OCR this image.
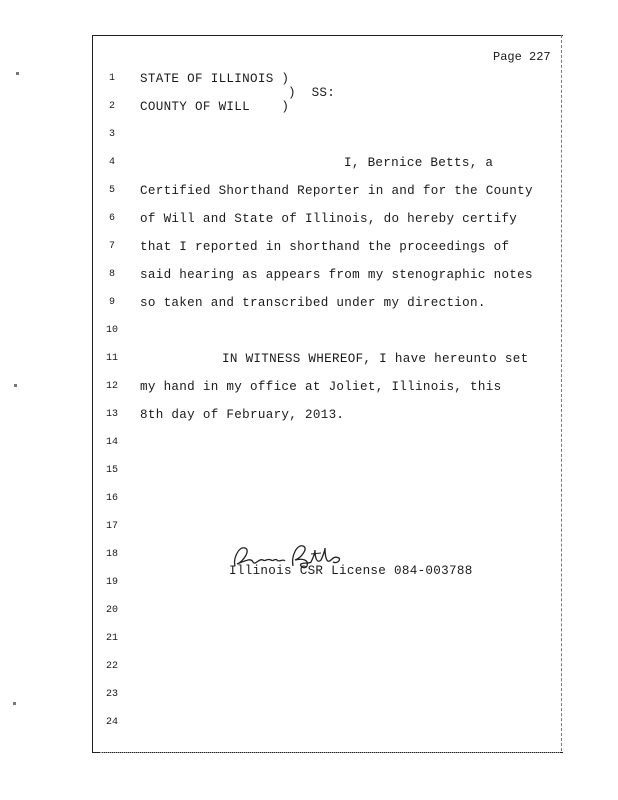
Page 227
1
2
3
4
5
6
7
8
9
10
11
12
13
14
15
16
17
18
19
20
21
22
23
24
STATE OF ILLINOIS )
)  SS:
COUNTY OF WILL    )
I, Bernice Betts, a
Certified Shorthand Reporter in and for the County
of Will and State of Illinois, do hereby certify
that I reported in shorthand the proceedings of
said hearing as appears from my stenographic notes
so taken and transcribed under my direction.
IN WITNESS WHEREOF, I have hereunto set
my hand in my office at Joliet, Illinois, this
8th day of February, 2013.
Illinois CSR License 084-003788
